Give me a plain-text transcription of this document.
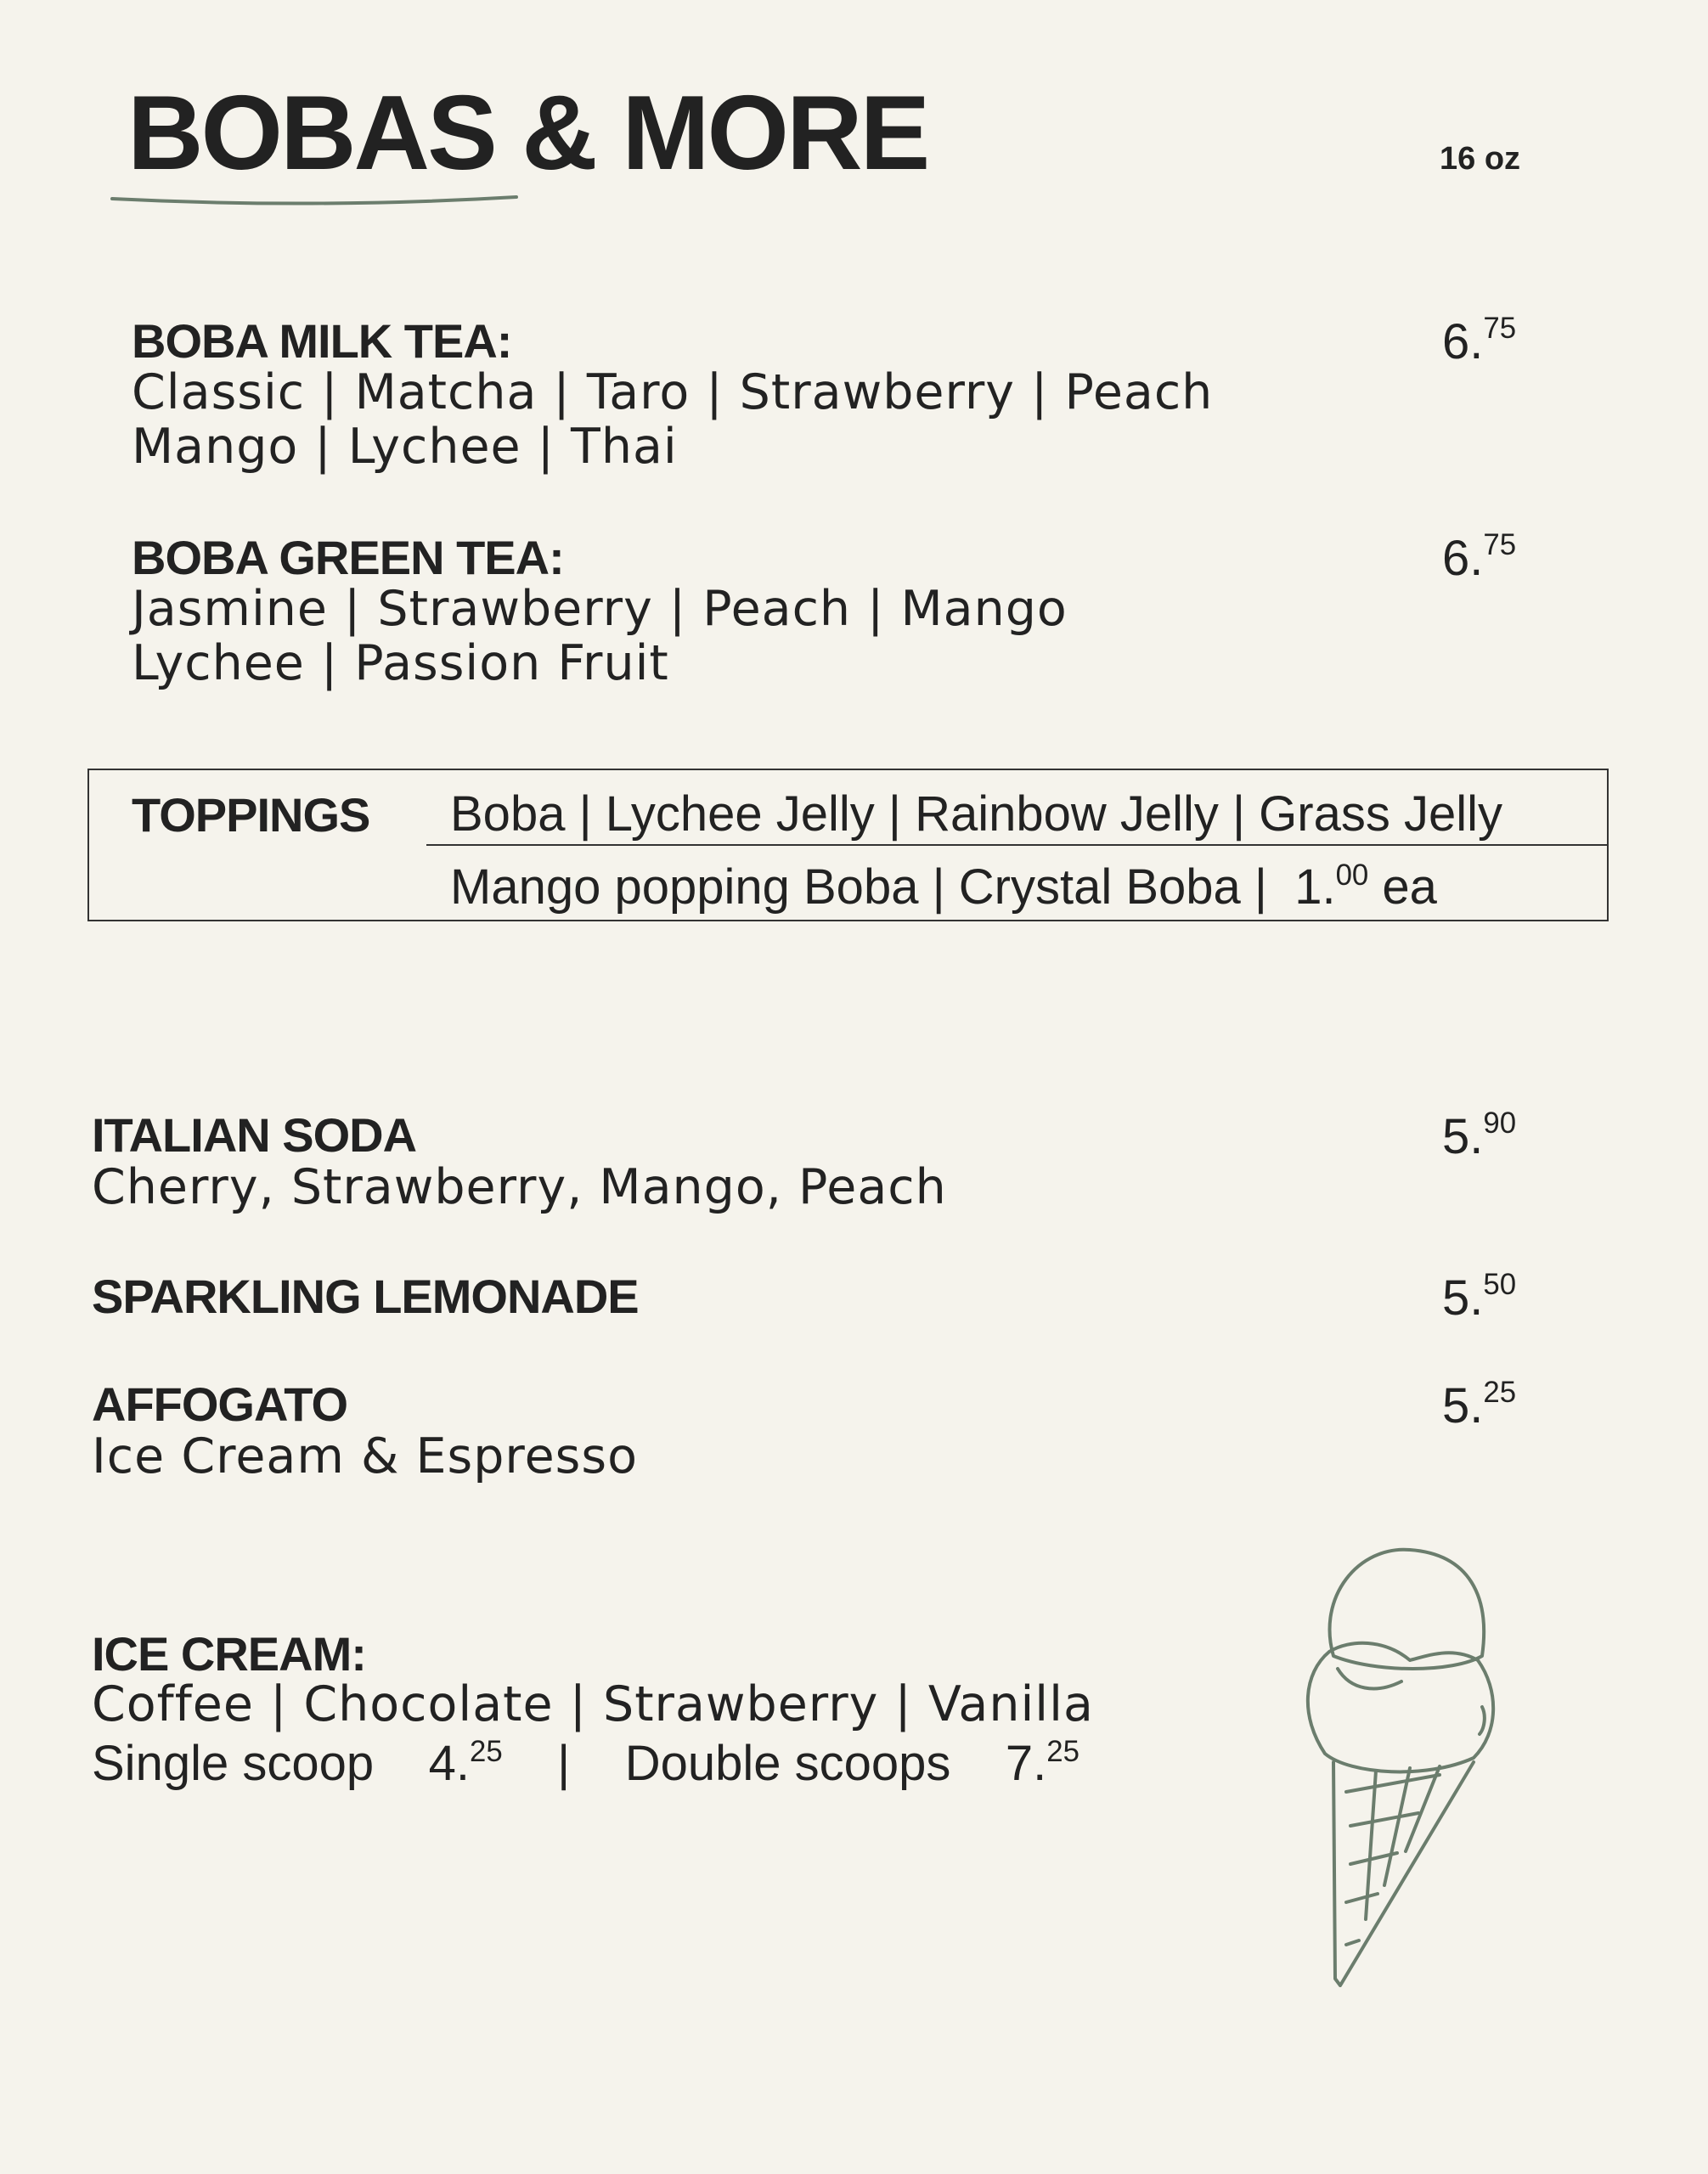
BOBAS & MORE	16 oz
BOBA MILK TEA:
Classic | Matcha | Taro | Strawberry | Peach
Mango | Lychee | Thai
6.75
BOBA GREEN TEA:
Jasmine | Strawberry | Peach | Mango
Lychee | Passion Fruit
6.75
TOPPINGS Boba | Lychee Jelly | Rainbow Jelly | Grass Jelly
Mango popping Boba | Crystal Boba | 1.00 ea
ITALIAN SODA
Cherry, Strawberry, Mango, Peach
5.90
SPARKLING LEMONADE	5.50
AFFOGATO
Ice Cream & Espresso
5.25
ICE CREAM:
Coffee | Chocolate | Strawberry | Vanilla
Single scoop 4.25 | Double scoops 7.25
